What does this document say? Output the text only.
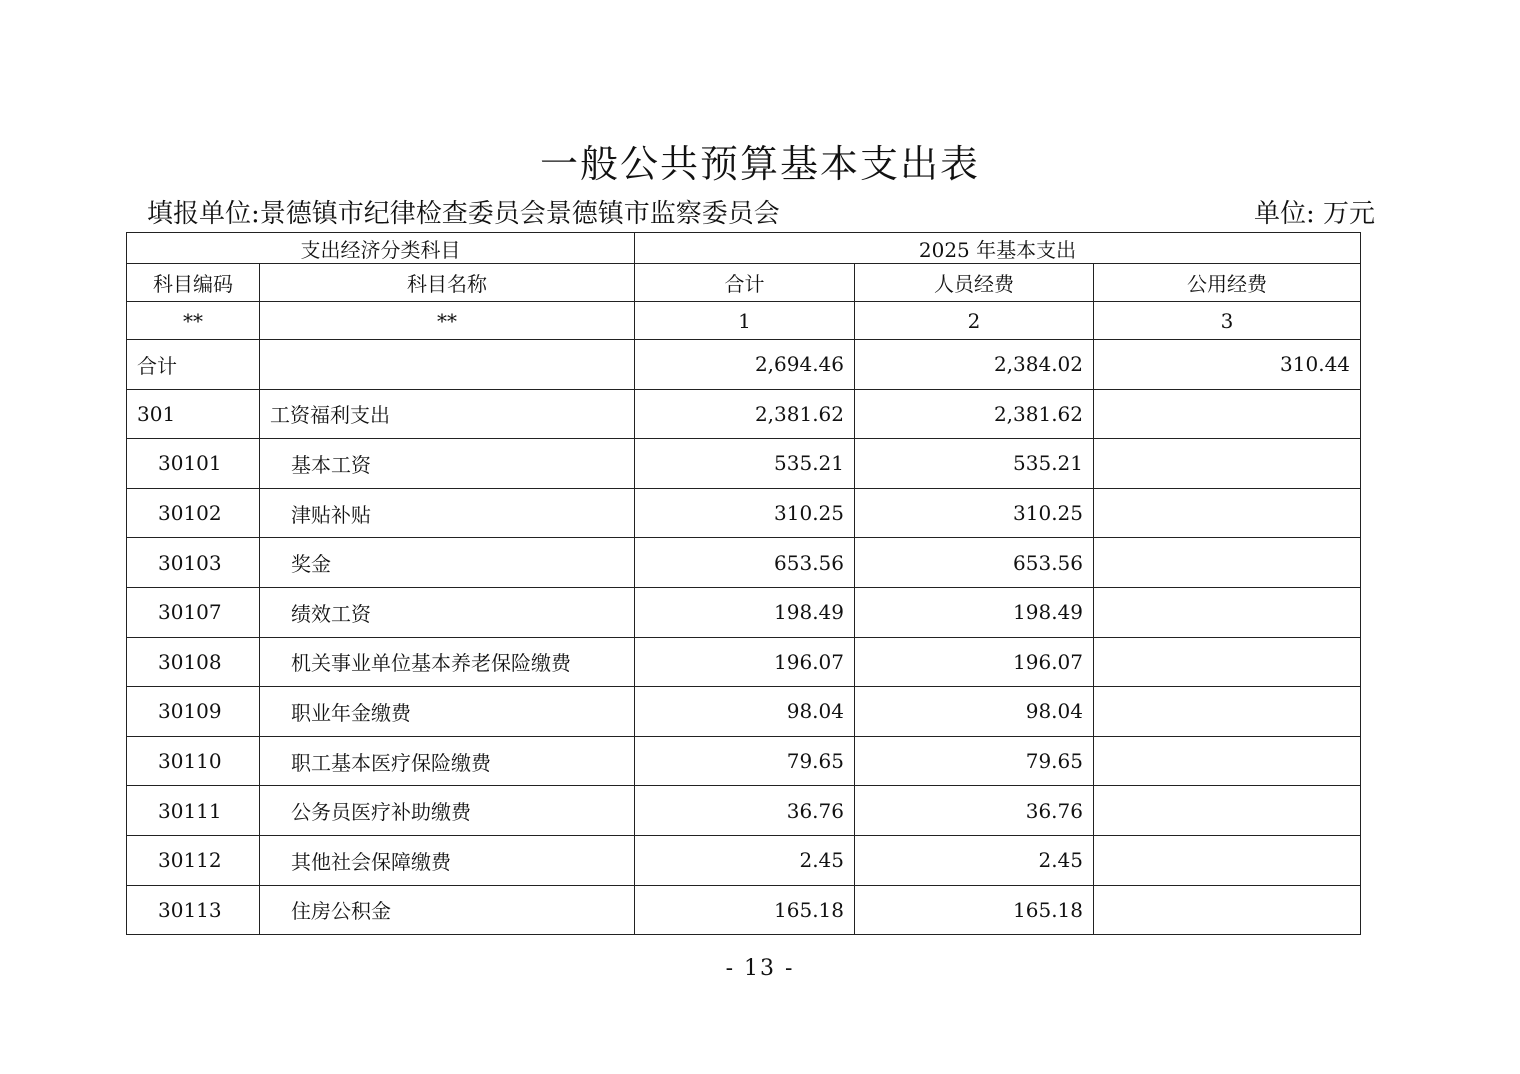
一般公共预算基本支出表
填报单位:景德镇市纪律检查委员会景德镇市监察委员会	单位: 万元
支出经济分类科目		2025 年基本支出		
科目编码	科目名称	合计	人员经费	公用经费
**	**	1	2	3
合计		2,694.46	2,384.02	310.44
301	工资福利支出	2,381.62	2,381.62	
30101	基本工资	535.21	535.21	
30102	津贴补贴	310.25	310.25	
30103	奖金	653.56	653.56	
30107	绩效工资	198.49	198.49	
30108	机关事业单位基本养老保险缴费	196.07	196.07	
30109	职业年金缴费	98.04	98.04	
30110	职工基本医疗保险缴费	79.65	79.65	
30111	公务员医疗补助缴费	36.76	36.76	
30112	其他社会保障缴费	2.45	2.45	
30113	住房公积金	165.18	165.18	
- 13 -
